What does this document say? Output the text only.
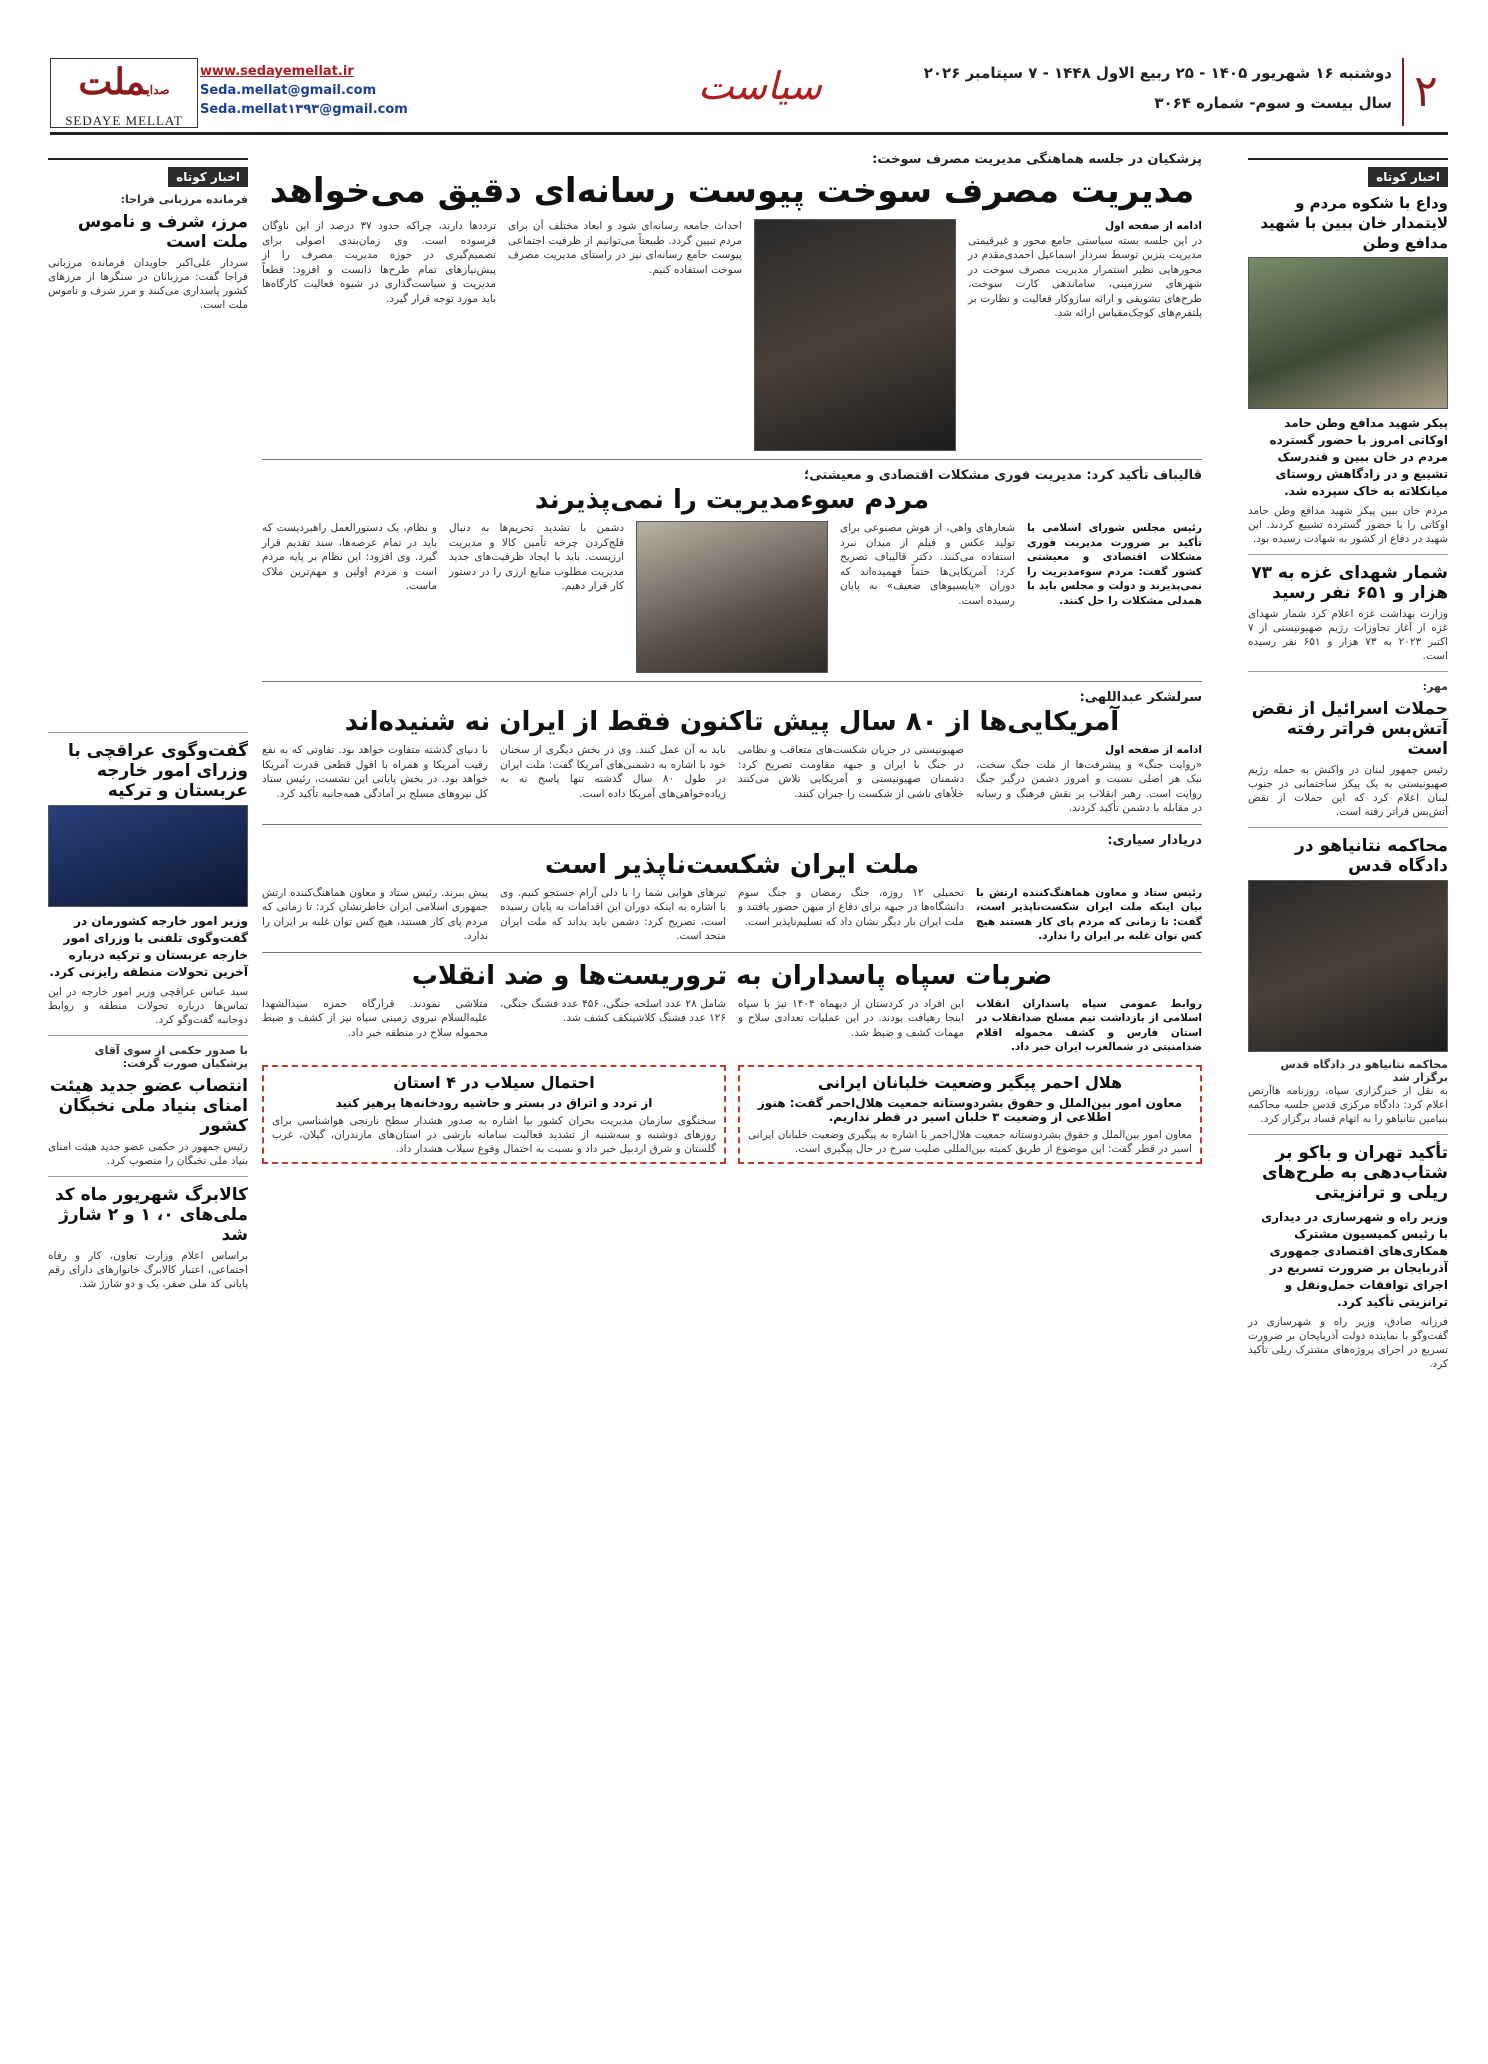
۲
دوشنبه ۱۶ شهریور ۱۴۰۵ - ۲۵ ربیع الاول ۱۴۴۸ - ۷ سپتامبر ۲۰۲۶
سال بیست و سوم- شماره ۳۰۶۴
سیاست
www.sedayemellat.ir
Seda.mellat@gmail.com
Seda.mellat۱۳۹۳@gmail.com
صدایملت
SEDAYE MELLAT
اخبار کوتاه
وداع با شکوه مردم و لایتمدار خان ببین با شهید مدافع وطن
پیکر شهید مدافع وطن حامد اوکاتی امروز با حضور گسترده مردم در خان ببین و قندرسک تشییع و در زادگاهش روستای میانکلاته به خاک سپرده شد.
مردم خان ببین پیکر شهید مدافع وطن حامد اوکاتی را با حضور گسترده تشییع کردند. این شهید در دفاع از کشور به شهادت رسیده بود.
شمار شهدای غزه به ۷۳ هزار و ۶۵۱ نفر رسید
وزارت بهداشت غزه اعلام کرد شمار شهدای غزه از آغاز تجاوزات رژیم صهیونیستی از ۷ اکتبر ۲۰۲۳ به ۷۳ هزار و ۶۵۱ نفر رسیده است.
مهر:
حملات اسرائیل از نقض آتش‌بس فراتر رفته است
رئیس جمهور لبنان در واکنش به حمله رژیم صهیونیستی به یک پیکر ساختمانی در جنوب لبنان اعلام کرد که این حملات از نقض آتش‌بس فراتر رفته است.
محاکمه نتانیاهو در دادگاه قدس
محاکمه نتانیاهو در دادگاه قدس برگزار شد
به نقل از خبرگزاری سپاه، روزنامه هاآرتص اعلام کرد: دادگاه مرکزی قدس جلسه محاکمه بنیامین نتانیاهو را به اتهام فساد برگزار کرد.
تأکید تهران و باکو بر شتاب‌دهی به طرح‌های ریلی و ترانزیتی
وزیر راه و شهرسازی در دیداری با رئیس کمیسیون مشترک همکاری‌های اقتصادی جمهوری آذربایجان بر ضرورت تسریع در اجرای توافقات حمل‌ونقل و ترانزیتی تأکید کرد.
فرزانه صادق، وزیر راه و شهرسازی در گفت‌وگو با نماینده دولت آذربایجان بر ضرورت تسریع در اجرای پروژه‌های مشترک ریلی تأکید کرد.
اخبار کوتاه
فرمانده مرزبانی فراجا:
مرز، شرف و ناموس ملت است
سردار علی‌اکبر جاویدان فرمانده مرزبانی فراجا گفت: مرزبانان در سنگرها از مرزهای کشور پاسداری می‌کنند و مرز شرف و ناموس ملت است.
گفت‌وگوی عراقچی با وزرای امور خارجه عربستان و ترکیه
وزیر امور خارجه کشورمان در گفت‌وگوی تلفنی با وزرای امور خارجه عربستان و ترکیه درباره آخرین تحولات منطقه رایزنی کرد.
سید عباس عراقچی وزیر امور خارجه در این تماس‌ها درباره تحولات منطقه و روابط دوجانبه گفت‌وگو کرد.
با صدور حکمی از سوی آقای پزشکیان صورت گرفت:
انتصاب عضو جدید هیئت امنای بنیاد ملی نخبگان کشور
رئیس جمهور در حکمی عضو جدید هیئت امنای بنیاد ملی نخبگان را منصوب کرد.
کالابرگ شهریور ماه کد ملی‌های ۰، ۱ و ۲ شارژ شد
براساس اعلام وزارت تعاون، کار و رفاه اجتماعی، اعتبار کالابرگ خانوارهای دارای رقم پایانی کد ملی صفر، یک و دو شارژ شد.
پزشکیان در جلسه هماهنگی مدیریت مصرف سوخت:
مدیریت مصرف سوخت پیوست رسانه‌ای دقیق می‌خواهد
ادامه از صفحه اول
در این جلسه بسته سیاستی جامع محور و غیرقیمتی مدیریت بنزین توسط سردار اسماعیل احمدی‌مقدم در محورهایی نظیر استمرار مدیریت مصرف سوخت در شهرهای سرزمینی، ساماندهی کارت سوخت، طرح‌های تشویقی و ارائه سازوکار فعالیت و نظارت بر پلتفرم‌های کوچک‌مقیاس ارائه شد.
احداث جامعه رسانه‌ای شود و ابعاد مختلف آن برای مردم تبیین گردد. طبیعتاً می‌توانیم از ظرفیت اجتماعی پیوست جامع رسانه‌ای نیز در راستای مدیریت مصرف سوخت استفاده کنیم.
ترددها دارند، چراکه حدود ۳۷ درصد از این ناوگان فرسوده است. وی زمان‌بندی اصولی برای تصمیم‌گیری در حوزه مدیریت مصرف را از پیش‌نیازهای تمام طرح‌ها دانست و افزود: قطعاً مدیریت و سیاست‌گذاری در شیوه فعالیت کارگاه‌ها باید مورد توجه قرار گیرد.
قالیباف تأکید کرد: مدیریت فوری مشکلات اقتصادی و معیشتی؛
مردم سوءمدیریت را نمی‌پذیرند
رئیس مجلس شورای اسلامی با تأکید بر ضرورت مدیریت فوری مشکلات اقتصادی و معیشتی کشور گفت: مردم سوءمدیریت را نمی‌پذیرند و دولت و مجلس باید با همدلی مشکلات را حل کنند.
شعارهای واهی، از هوش مصنوعی برای تولید عکس و فیلم از میدان نبرد استفاده می‌کنند. دکتر قالیباف تصریح کرد: آمریکایی‌ها حتماً فهمیده‌اند که دوران «پایسیوهای ضعیف» به پایان رسیده است.
دشمن با تشدید تحریم‌ها به دنبال فلج‌کردن چرخه تأمین کالا و مدیریت ارزیست. باید با ایجاد ظرفیت‌های جدید مدیریت مطلوب منابع ارزی را در دستور کار قرار دهیم.
و نظام، یک دستورالعمل راهبردیست که باید در تمام عرصه‌ها، سند تقدیم قرار گیرد. وی افزود: این نظام بر پایه مردم است و مردم اولین و مهم‌ترین ملاک ماست.
سرلشکر عبداللهی:
آمریکایی‌ها از ۸۰ سال پیش تاکنون فقط از ایران نه شنیده‌اند
ادامه از صفحه اول
«روایت جنگ» و پیشرفت‌ها از ملت جنگ سخت، نیک هر اصلی نسبت و امروز دشمن درگیر جنگ روایت است. رهبر انقلاب بر نقش فرهنگ و رسانه در مقابله با دشمن تأکید کردند.
صهیونیستی در جریان شکست‌های متعاقب و نظامی در جنگ با ایران و جبهه مقاومت تصریح کرد: دشمنان صهیونیستی و آمریکایی تلاش می‌کنند خلأهای ناشی از شکست را جبران کنند.
باید به آن عمل کنند. وی در بخش دیگری از سخنان خود با اشاره به دشمنی‌های آمریکا گفت: ملت ایران در طول ۸۰ سال گذشته تنها پاسخ نه به زیاده‌خواهی‌های آمریکا داده است.
با دنیای گذشته متفاوت خواهد بود. تفاوتی که به نفع رقیب آمریکا و همراه با افول قطعی قدرت آمریکا خواهد بود. در بخش پایانی این نشست، رئیس ستاد کل نیروهای مسلح بر آمادگی همه‌جانبه تأکید کرد.
دریادار سیاری:
ملت ایران شکست‌ناپذیر است
رئیس ستاد و معاون هماهنگ‌کننده ارتش با بیان اینکه ملت ایران شکست‌ناپذیر است، گفت: تا زمانی که مردم پای کار هستند هیچ کس توان غلبه بر ایران را ندارد.
تحمیلی ۱۲ روزه، جنگ رمضان و جنگ سوم دانشگاه‌ها در جبهه برای دفاع از میهن حضور یافتند و ملت ایران بار دیگر نشان داد که تسلیم‌ناپذیر است.
تیرهای هوایی شما را با دلی آرام جستجو کنیم. وی با اشاره به اینکه دوران این اقدامات به پایان رسیده است، تصریح کرد: دشمن باید بداند که ملت ایران متحد است.
پیش ببرند. رئیس ستاد و معاون هماهنگ‌کننده ارتش جمهوری اسلامی ایران خاطرنشان کرد: تا زمانی که مردم پای کار هستند، هیچ کس توان غلبه بر ایران را ندارد.
ضربات سپاه پاسداران به تروریست‌ها و ضد انقلاب
روابط عمومی سپاه پاسداران انقلاب اسلامی از بازداشت تیم مسلح ضدانقلاب در استان فارس و کشف محموله اقلام ضدامنیتی در شمالغرب ایران خبر داد.
این افراد در کردستان از دیهماه ۱۴۰۴ نیز با سپاه اینجا رهیافت بودند. در این عملیات تعدادی سلاح و مهمات کشف و ضبط شد.
شامل ۲۸ عدد اسلحه جنگی، ۴۵۶ عدد فشنگ جنگی، ۱۲۶ عدد فشنگ کلاشینکف کشف شد.
متلاشی نمودند. قرارگاه حمزه سیدالشهدا علیه‌السلام نیروی زمینی سپاه نیز از کشف و ضبط محموله سلاح در منطقه خبر داد.
هلال احمر پیگیر وضعیت خلبانان ایرانی
معاون امور بین‌الملل و حقوق بشردوستانه جمعیت هلال‌احمر گفت: هنوز اطلاعی از وضعیت ۳ خلبان اسیر در قطر نداریم.
معاون امور بین‌الملل و حقوق بشردوستانه جمعیت هلال‌احمر با اشاره به پیگیری وضعیت خلبانان ایرانی اسیر در قطر گفت: این موضوع از طریق کمیته بین‌المللی صلیب سرخ در حال پیگیری است.
احتمال سیلاب در ۴ استان
از تردد و اتراق در بستر و حاشیه رودخانه‌ها پرهیز کنید
سخنگوی سازمان مدیریت بحران کشور بیا اشاره به صدور هشدار سطح نارنجی هواشناسی برای روزهای دوشنبه و سه‌شنبه از تشدید فعالیت سامانه بارشی در استان‌های مازندران، گیلان، غرب گلستان و شرق اردبیل خبر داد و نسبت به احتمال وقوع سیلاب هشدار داد.
